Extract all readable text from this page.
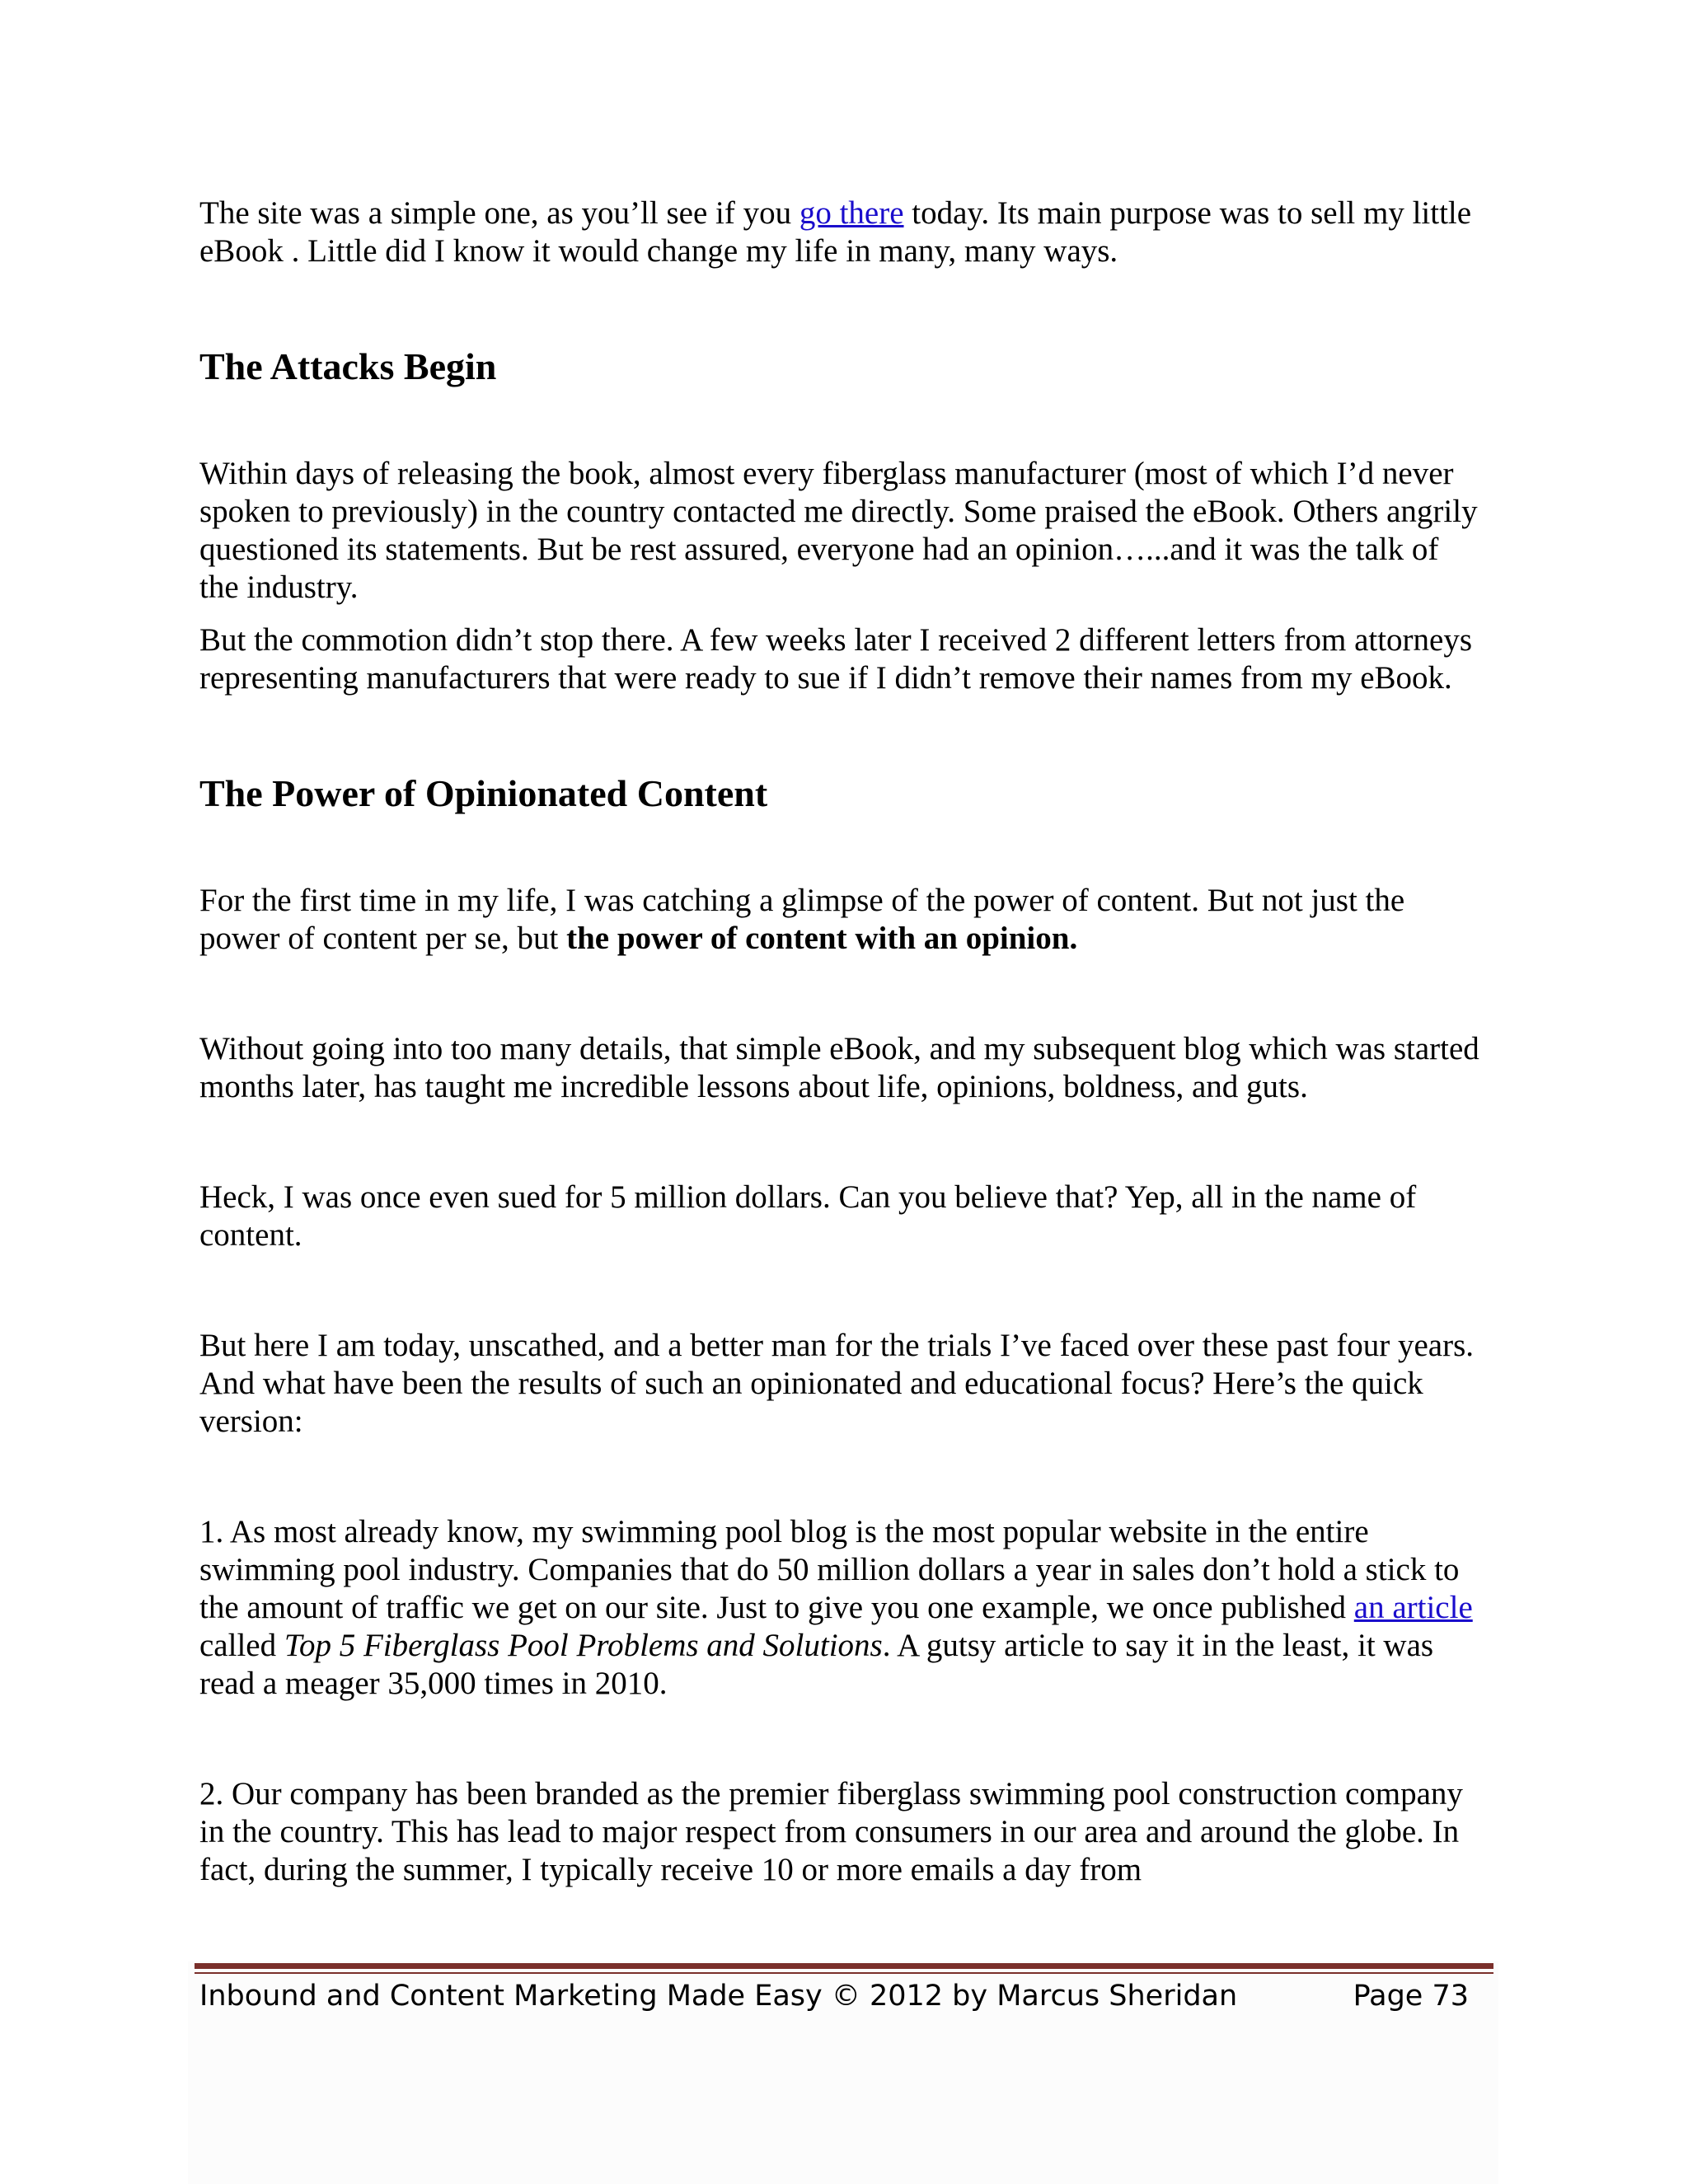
The site was a simple one, as you’ll see if you go there today. Its main purpose was to sell my little eBook . Little did I know it would change my life in many, many ways.

The Attacks Begin

Within days of releasing the book, almost every fiberglass manufacturer (most of which I’d never spoken to previously) in the country contacted me directly. Some praised the eBook. Others angrily questioned its statements. But be rest assured, everyone had an opinion…...and it was the talk of the industry.

But the commotion didn’t stop there. A few weeks later I received 2 different letters from attorneys representing manufacturers that were ready to sue if I didn’t remove their names from my eBook.

The Power of Opinionated Content

For the first time in my life, I was catching a glimpse of the power of content. But not just the power of content per se, but the power of content with an opinion.

Without going into too many details, that simple eBook, and my subsequent blog which was started months later, has taught me incredible lessons about life, opinions, boldness, and guts.

Heck, I was once even sued for 5 million dollars. Can you believe that? Yep, all in the name of content.

But here I am today, unscathed, and a better man for the trials I’ve faced over these past four years. And what have been the results of such an opinionated and educational focus? Here’s the quick version:

1. As most already know, my swimming pool blog is the most popular website in the entire swimming pool industry. Companies that do 50 million dollars a year in sales don’t hold a stick to the amount of traffic we get on our site. Just to give you one example, we once published an article called Top 5 Fiberglass Pool Problems and Solutions. A gutsy article to say it in the least, it was read a meager 35,000 times in 2010.

2. Our company has been branded as the premier fiberglass swimming pool construction company in the country. This has lead to major respect from consumers in our area and around the globe. In fact, during the summer, I typically receive 10 or more emails a day from

Inbound and Content Marketing Made Easy © 2012 by Marcus Sheridan	Page 73
